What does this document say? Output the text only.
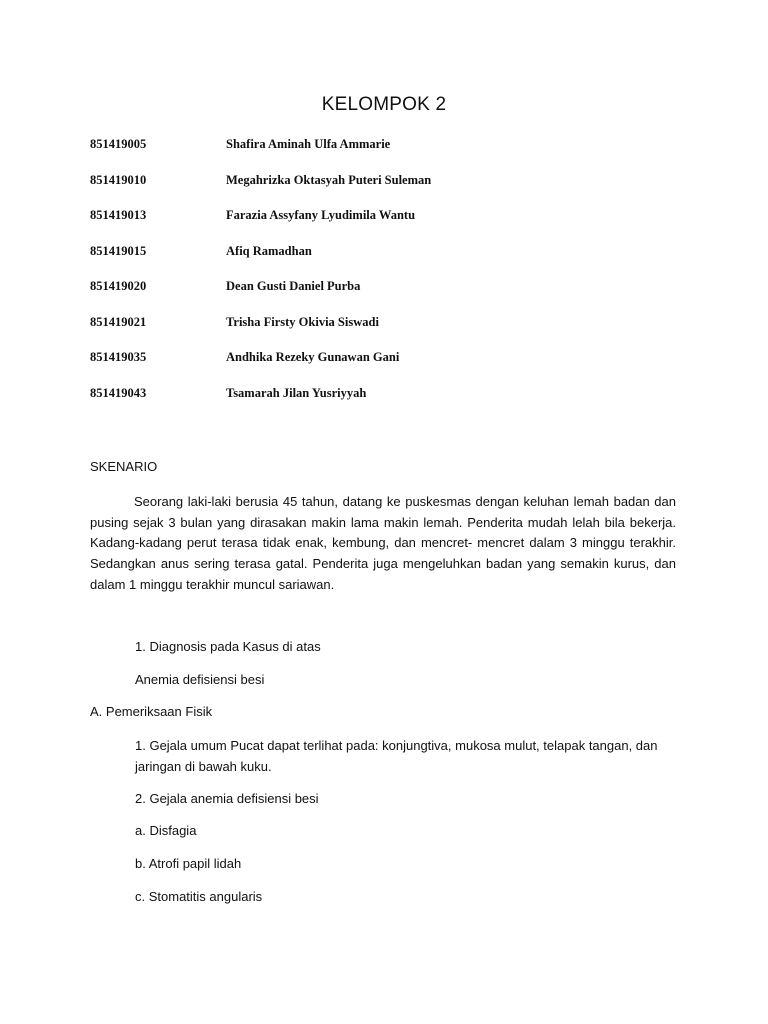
KELOMPOK 2
851419005	Shafira Aminah Ulfa Ammarie
851419010	Megahrizka Oktasyah Puteri Suleman
851419013	Farazia Assyfany Lyudimila Wantu
851419015	Afiq Ramadhan
851419020	Dean Gusti Daniel Purba
851419021	Trisha Firsty Okivia Siswadi
851419035	Andhika Rezeky Gunawan Gani
851419043	Tsamarah Jilan Yusriyyah
SKENARIO
Seorang laki-laki berusia 45 tahun, datang ke puskesmas dengan keluhan lemah badan dan pusing sejak 3 bulan yang dirasakan makin lama makin lemah. Penderita mudah lelah bila bekerja. Kadang-kadang perut terasa tidak enak, kembung, dan mencret- mencret dalam 3 minggu terakhir. Sedangkan anus sering terasa gatal. Penderita juga mengeluhkan badan yang semakin kurus, dan dalam 1 minggu terakhir muncul sariawan.
1. Diagnosis pada Kasus di atas
Anemia defisiensi besi
A. Pemeriksaan Fisik
1. Gejala umum Pucat dapat terlihat pada: konjungtiva, mukosa mulut, telapak tangan, dan jaringan di bawah kuku.
2. Gejala anemia defisiensi besi
a. Disfagia
b. Atrofi papil lidah
c. Stomatitis angularis
